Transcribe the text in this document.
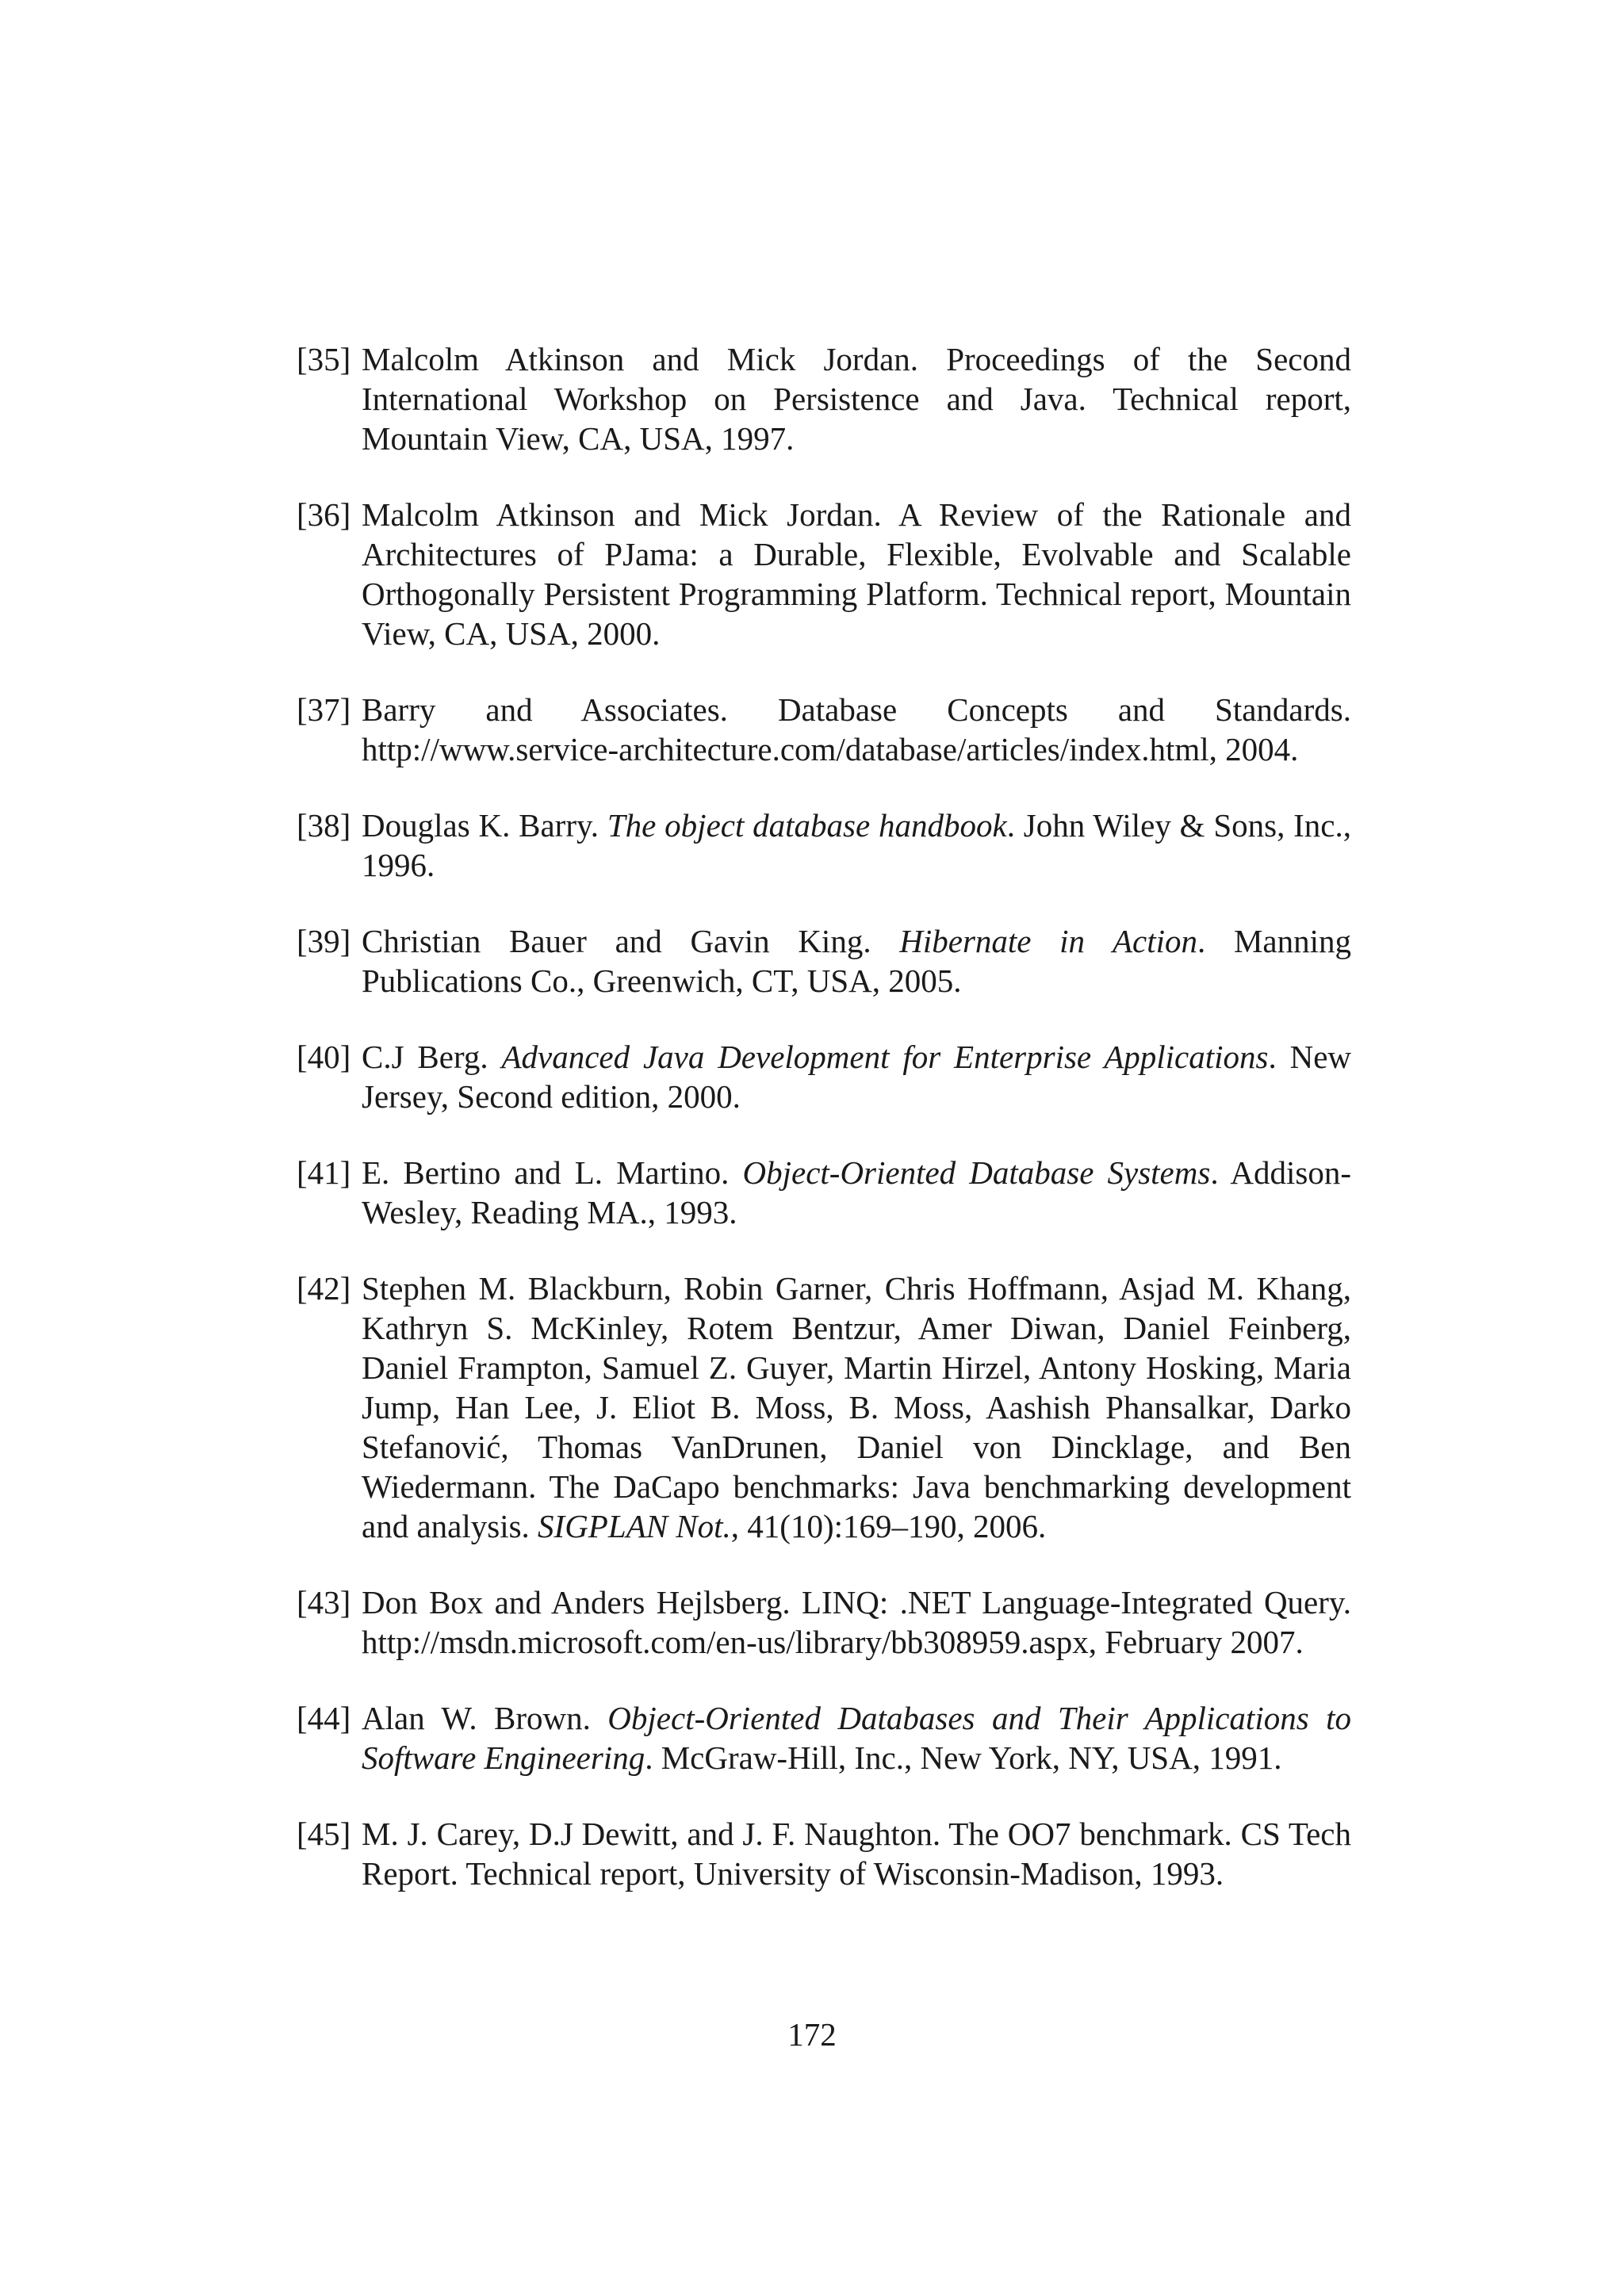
[35] Malcolm Atkinson and Mick Jordan. Proceedings of the Second International Workshop on Persistence and Java. Technical report, Mountain View, CA, USA, 1997.
[36] Malcolm Atkinson and Mick Jordan. A Review of the Rationale and Architectures of PJama: a Durable, Flexible, Evolvable and Scalable Orthogonally Persistent Programming Platform. Technical report, Mountain View, CA, USA, 2000.
[37] Barry and Associates. Database Concepts and Standards. http://www.service-architecture.com/database/articles/index.html, 2004.
[38] Douglas K. Barry. The object database handbook. John Wiley & Sons, Inc., 1996.
[39] Christian Bauer and Gavin King. Hibernate in Action. Manning Publications Co., Greenwich, CT, USA, 2005.
[40] C.J Berg. Advanced Java Development for Enterprise Applications. New Jersey, Second edition, 2000.
[41] E. Bertino and L. Martino. Object-Oriented Database Systems. Addison-Wesley, Reading MA., 1993.
[42] Stephen M. Blackburn, Robin Garner, Chris Hoffmann, Asjad M. Khang, Kathryn S. McKinley, Rotem Bentzur, Amer Diwan, Daniel Feinberg, Daniel Frampton, Samuel Z. Guyer, Martin Hirzel, Antony Hosking, Maria Jump, Han Lee, J. Eliot B. Moss, B. Moss, Aashish Phansalkar, Darko Stefanović, Thomas VanDrunen, Daniel von Dincklage, and Ben Wiedermann. The DaCapo benchmarks: Java benchmarking development and analysis. SIGPLAN Not., 41(10):169–190, 2006.
[43] Don Box and Anders Hejlsberg. LINQ: .NET Language-Integrated Query. http://msdn.microsoft.com/en-us/library/bb308959.aspx, February 2007.
[44] Alan W. Brown. Object-Oriented Databases and Their Applications to Software Engineering. McGraw-Hill, Inc., New York, NY, USA, 1991.
[45] M. J. Carey, D.J Dewitt, and J. F. Naughton. The OO7 benchmark. CS Tech Report. Technical report, University of Wisconsin-Madison, 1993.
172
